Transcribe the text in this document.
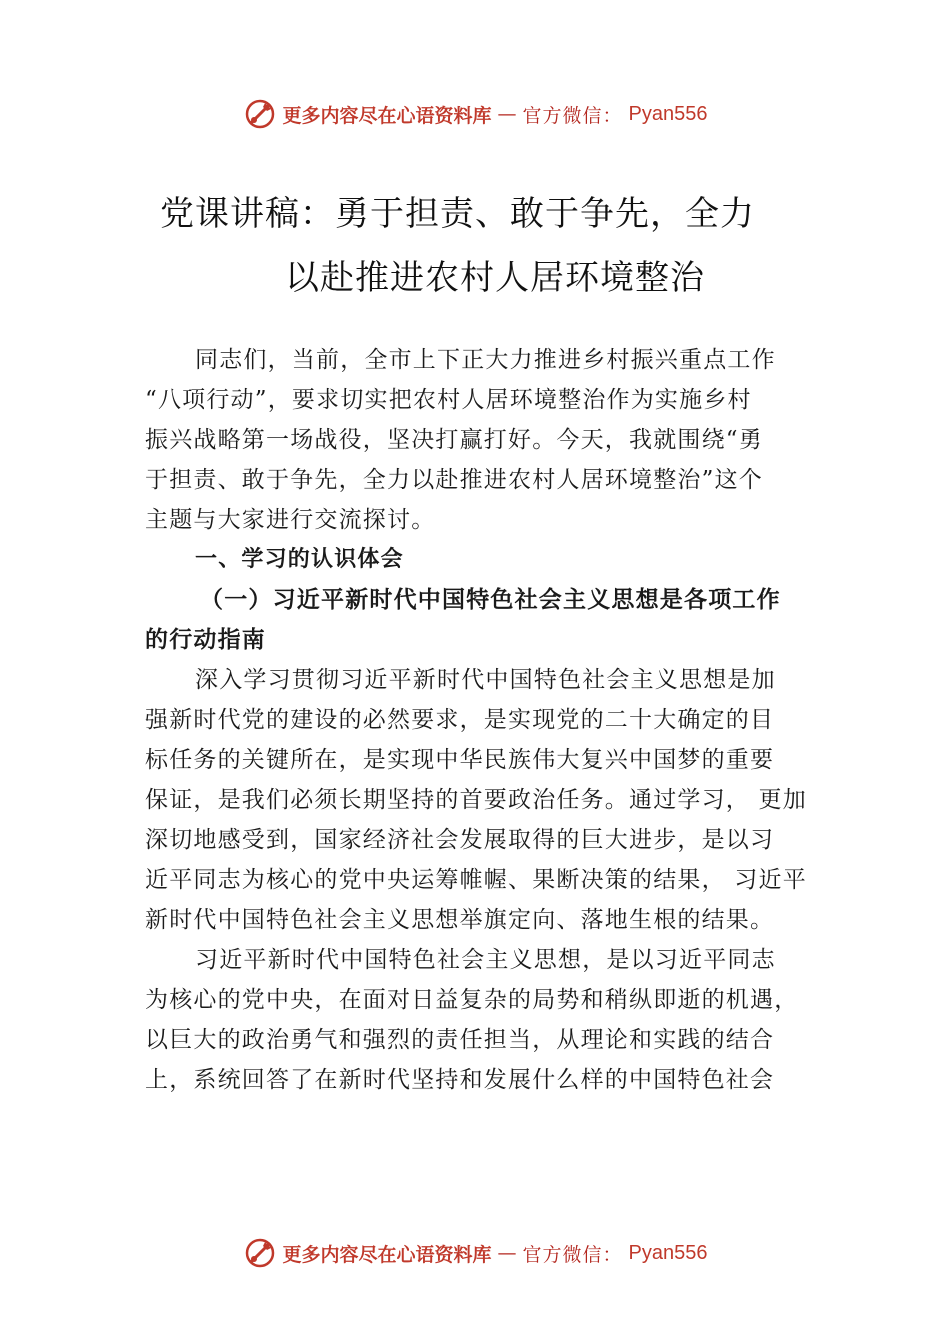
更多内容尽在心语资料库 — 官方微信： Pyan556
党课讲稿：勇于担责、敢于争先，全力
以赴推进农村人居环境整治
同志们，当前，全市上下正大力推进乡村振兴重点工作
“八项行动”，要求切实把农村人居环境整治作为实施乡村
振兴战略第一场战役，坚决打赢打好。今天，我就围绕“勇
于担责、敢于争先，全力以赴推进农村人居环境整治”这个
主题与大家进行交流探讨。
一、学习的认识体会
（一）习近平新时代中国特色社会主义思想是各项工作
的行动指南
深入学习贯彻习近平新时代中国特色社会主义思想是加
强新时代党的建设的必然要求，是实现党的二十大确定的目
标任务的关键所在，是实现中华民族伟大复兴中国梦的重要
保证，是我们必须长期坚持的首要政治任务。通过学习， 更加
深切地感受到，国家经济社会发展取得的巨大进步，是以习
近平同志为核心的党中央运筹帷幄、果断决策的结果， 习近平
新时代中国特色社会主义思想举旗定向、落地生根的结果。
习近平新时代中国特色社会主义思想，是以习近平同志
为核心的党中央，在面对日益复杂的局势和稍纵即逝的机遇，
以巨大的政治勇气和强烈的责任担当，从理论和实践的结合
上，系统回答了在新时代坚持和发展什么样的中国特色社会
更多内容尽在心语资料库 — 官方微信： Pyan556
